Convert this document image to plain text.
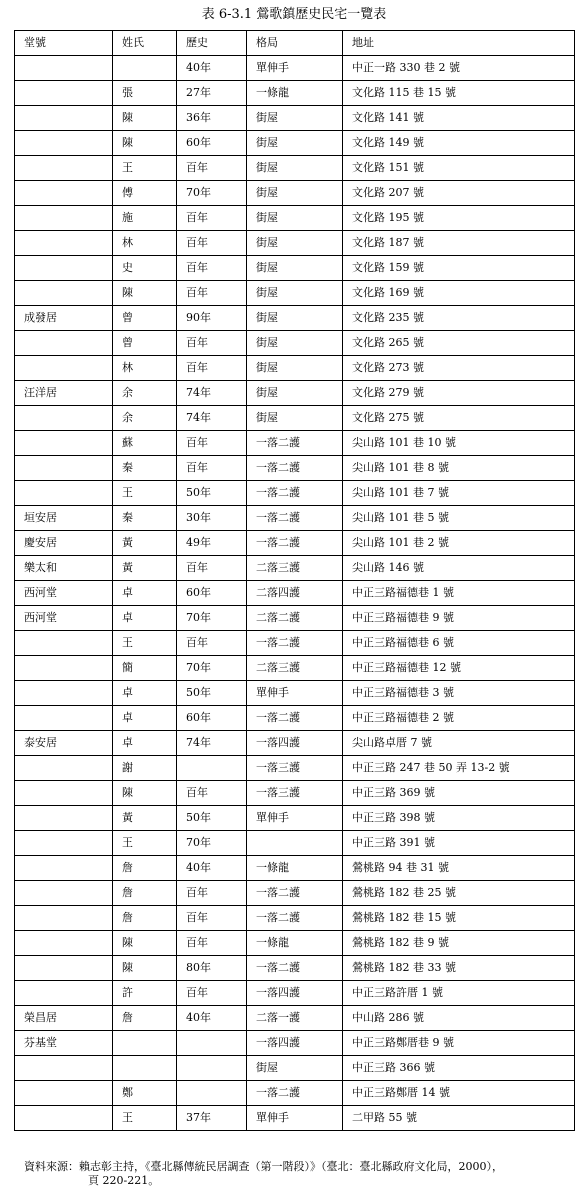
表 6-3.1 鶯歌鎮歷史民宅一覽表
堂號	姓氏	歷史	格局	地址
		40年	單伸手	中正一路 330 巷 2 號
	張	27年	一條龍	文化路 115 巷 15 號
	陳	36年	街屋	文化路 141 號
	陳	60年	街屋	文化路 149 號
	王	百年	街屋	文化路 151 號
	傅	70年	街屋	文化路 207 號
	施	百年	街屋	文化路 195 號
	林	百年	街屋	文化路 187 號
	史	百年	街屋	文化路 159 號
	陳	百年	街屋	文化路 169 號
成發居	曾	90年	街屋	文化路 235 號
	曾	百年	街屋	文化路 265 號
	林	百年	街屋	文化路 273 號
汪洋居	余	74年	街屋	文化路 279 號
	余	74年	街屋	文化路 275 號
	蘇	百年	一落二護	尖山路 101 巷 10 號
	秦	百年	一落二護	尖山路 101 巷 8 號
	王	50年	一落二護	尖山路 101 巷 7 號
垣安居	秦	30年	一落二護	尖山路 101 巷 5 號
慶安居	黃	49年	一落二護	尖山路 101 巷 2 號
樂太和	黃	百年	二落三護	尖山路 146 號
西河堂	卓	60年	二落四護	中正三路福德巷 1 號
西河堂	卓	70年	二落二護	中正三路福德巷 9 號
	王	百年	一落二護	中正三路福德巷 6 號
	簡	70年	二落三護	中正三路福德巷 12 號
	卓	50年	單伸手	中正三路福德巷 3 號
	卓	60年	一落二護	中正三路福德巷 2 號
泰安居	卓	74年	一落四護	尖山路卓厝 7 號
	謝		一落三護	中正三路 247 巷 50 弄 13-2 號
	陳	百年	一落三護	中正三路 369 號
	黃	50年	單伸手	中正三路 398 號
	王	70年		中正三路 391 號
	詹	40年	一條龍	鶯桃路 94 巷 31 號
	詹	百年	一落二護	鶯桃路 182 巷 25 號
	詹	百年	一落二護	鶯桃路 182 巷 15 號
	陳	百年	一條龍	鶯桃路 182 巷 9 號
	陳	80年	一落二護	鶯桃路 182 巷 33 號
	許	百年	一落四護	中正三路許厝 1 號
榮昌居	詹	40年	二落一護	中山路 286 號
芬基堂			一落四護	中正三路鄭厝巷 9 號
			街屋	中正三路 366 號
	鄭		一落二護	中正三路鄭厝 14 號
	王	37年	單伸手	二甲路 55 號
資料來源：賴志彰主持，《臺北縣傳統民居調查（第一階段）》（臺北：臺北縣政府文化局，2000），
頁 220-221。
